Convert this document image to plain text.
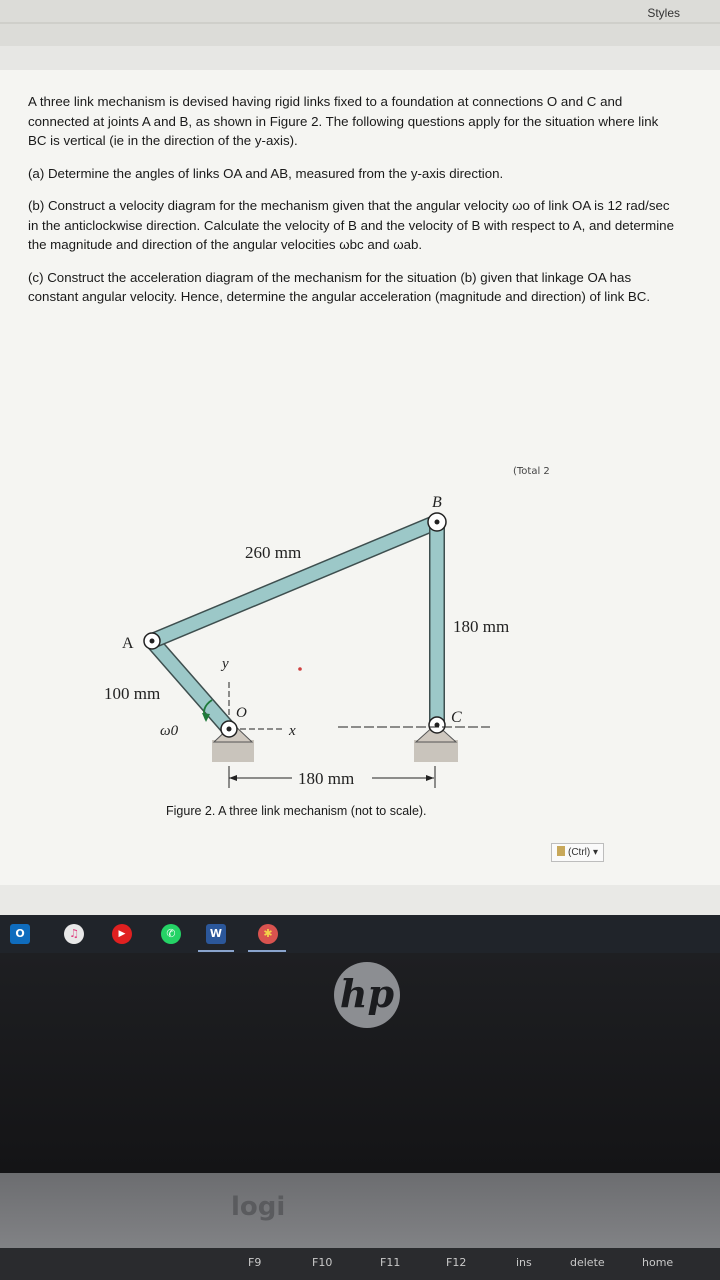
Styles

A three link mechanism is devised having rigid links fixed to a foundation at connections O and C and connected at joints A and B, as shown in Figure 2. The following questions apply for the situation where link BC is vertical (ie in the direction of the y-axis).

(a) Determine the angles of links OA and AB, measured from the y-axis direction.

(b) Construct a velocity diagram for the mechanism given that the angular velocity ωo of link OA is 12 rad/sec in the anticlockwise direction. Calculate the velocity of B and the velocity of B with respect to A, and determine the magnitude and direction of the angular velocities ωbc and ωab.

(c) Construct the acceleration diagram of the mechanism for the situation (b) given that linkage OA has constant angular velocity. Hence, determine the angular acceleration (magnitude and direction) of link BC.

(Total 2
A
B
C
O
x
y
ω0
260 mm
180 mm
100 mm
180 mm
Figure 2. A three link mechanism (not to scale).
(Ctrl) ▾
O	♫	▶	✆	W	✱
hp
logi
F9	F10	F11	F12	ins	delete	home
